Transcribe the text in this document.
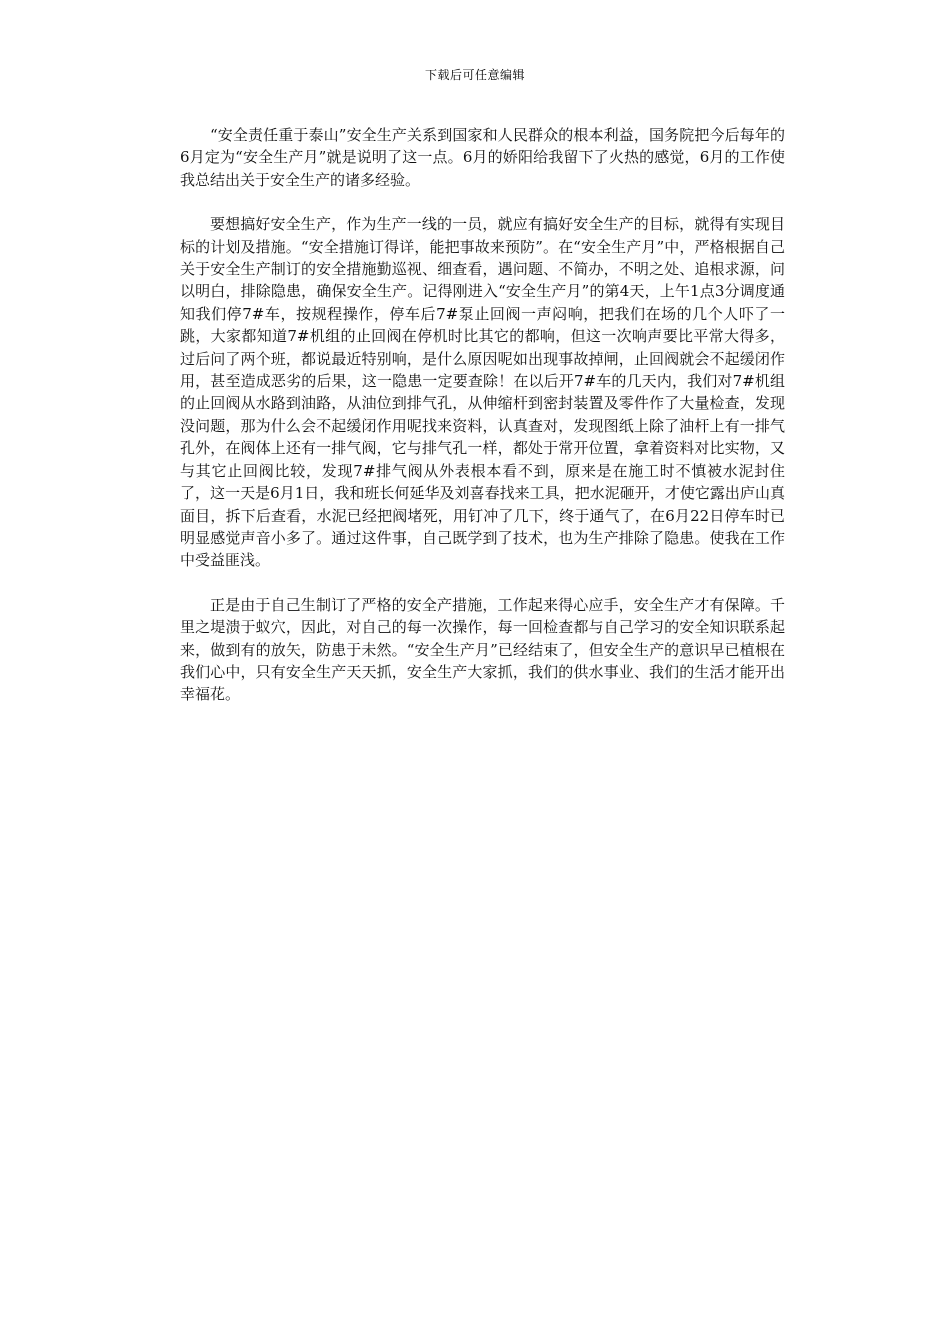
下载后可任意编辑

“安全责任重于泰山”安全生产关系到国家和人民群众的根本利益，国务院把今后每年的6月定为“安全生产月”就是说明了这一点。6月的娇阳给我留下了火热的感觉，6月的工作使我总结出关于安全生产的诸多经验。

要想搞好安全生产，作为生产一线的一员，就应有搞好安全生产的目标，就得有实现目标的计划及措施。“安全措施订得详，能把事故来预防”。在“安全生产月”中，严格根据自己关于安全生产制订的安全措施勤巡视、细查看，遇问题、不简办，不明之处、追根求源，问以明白，排除隐患，确保安全生产。记得刚进入“安全生产月”的第4天，上午1点3分调度通知我们停7#车，按规程操作，停车后7#泵止回阀一声闷响，把我们在场的几个人吓了一跳，大家都知道7#机组的止回阀在停机时比其它的都响，但这一次响声要比平常大得多，过后问了两个班，都说最近特别响，是什么原因呢如出现事故掉闸，止回阀就会不起缓闭作用，甚至造成恶劣的后果，这一隐患一定要查除！在以后开7#车的几天内，我们对7#机组的止回阀从水路到油路，从油位到排气孔，从伸缩杆到密封装置及零件作了大量检查，发现没问题，那为什么会不起缓闭作用呢找来资料，认真查对，发现图纸上除了油杆上有一排气孔外，在阀体上还有一排气阀，它与排气孔一样，都处于常开位置，拿着资料对比实物，又与其它止回阀比较，发现7#排气阀从外表根本看不到，原来是在施工时不慎被水泥封住了，这一天是6月1日，我和班长何延华及刘喜春找来工具，把水泥砸开，才使它露出庐山真面目，拆下后查看，水泥已经把阀堵死，用钉冲了几下，终于通气了，在6月22日停车时已明显感觉声音小多了。通过这件事，自己既学到了技术，也为生产排除了隐患。使我在工作中受益匪浅。

正是由于自己生制订了严格的安全产措施，工作起来得心应手，安全生产才有保障。千里之堤溃于蚁穴，因此，对自己的每一次操作，每一回检查都与自己学习的安全知识联系起来，做到有的放矢，防患于未然。“安全生产月”已经结束了，但安全生产的意识早已植根在我们心中，只有安全生产天天抓，安全生产大家抓，我们的供水事业、我们的生活才能开出幸福花。
